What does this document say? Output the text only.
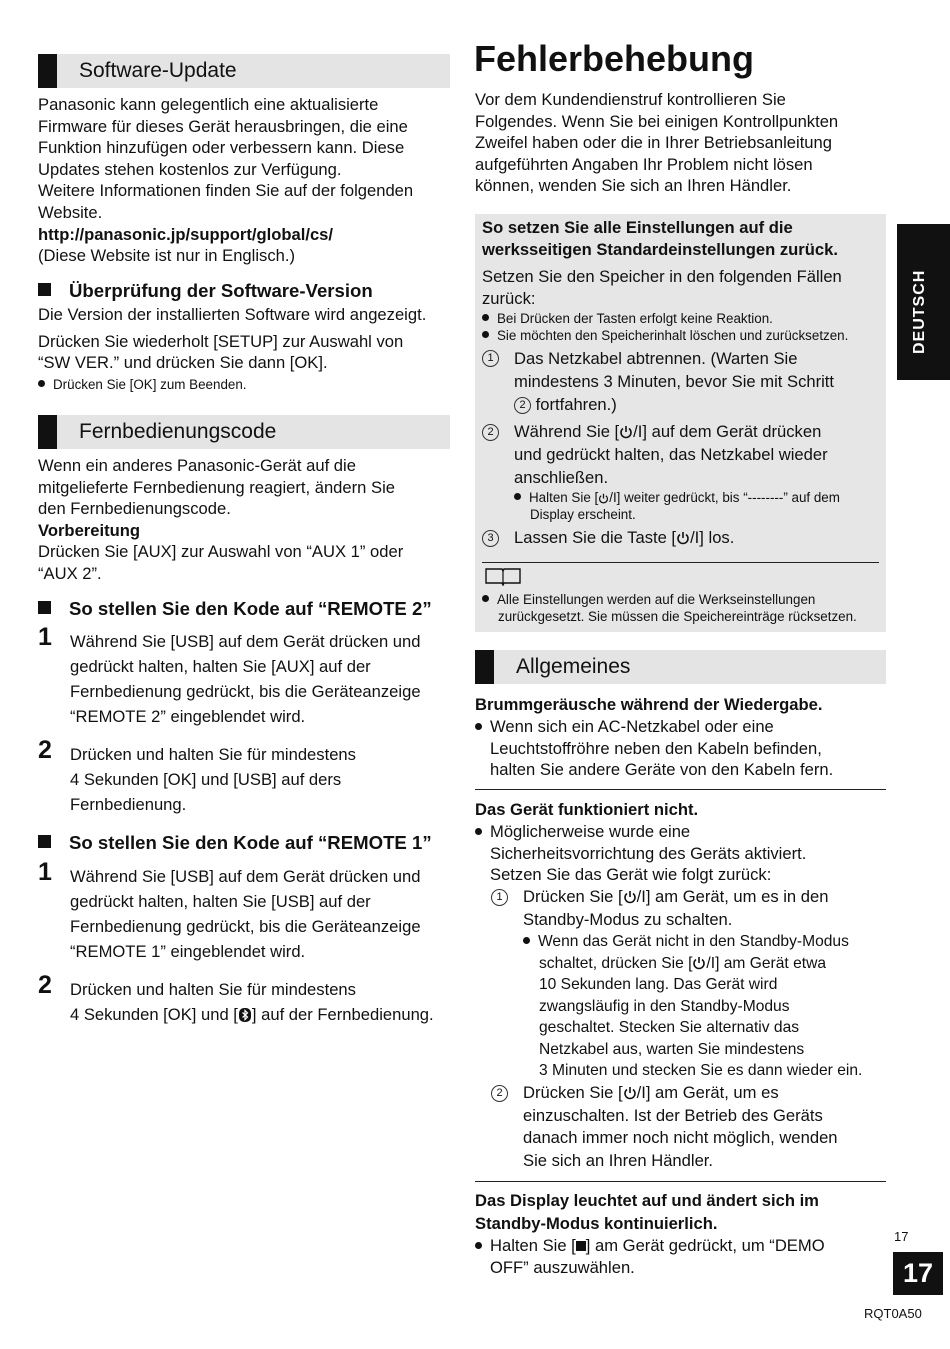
Software-Update
Panasonic kann gelegentlich eine aktualisierte
Firmware für dieses Gerät herausbringen, die eine
Funktion hinzufügen oder verbessern kann. Diese
Updates stehen kostenlos zur Verfügung.
Weitere Informationen finden Sie auf der folgenden
Website.
http://panasonic.jp/support/global/cs/
(Diese Website ist nur in Englisch.)
Überprüfung der Software-Version
Die Version der installierten Software wird angezeigt.
Drücken Sie wiederholt [SETUP] zur Auswahl von
“SW VER.” und drücken Sie dann [OK].
Drücken Sie [OK] zum Beenden.
Fernbedienungscode
Wenn ein anderes Panasonic-Gerät auf die
mitgelieferte Fernbedienung reagiert, ändern Sie
den Fernbedienungscode.
Vorbereitung
Drücken Sie [AUX] zur Auswahl von “AUX 1” oder
“AUX 2”.
So stellen Sie den Kode auf “REMOTE 2”
1 Während Sie [USB] auf dem Gerät drücken und
gedrückt halten, halten Sie [AUX] auf der
Fernbedienung gedrückt, bis die Geräteanzeige
“REMOTE 2” eingeblendet wird.
2 Drücken und halten Sie für mindestens
4 Sekunden [OK] und [USB] auf ders
Fernbedienung.
So stellen Sie den Kode auf “REMOTE 1”
1 Während Sie [USB] auf dem Gerät drücken und
gedrückt halten, halten Sie [USB] auf der
Fernbedienung gedrückt, bis die Geräteanzeige
“REMOTE 1” eingeblendet wird.
2 Drücken und halten Sie für mindestens
4 Sekunden [OK] und [ ] auf der Fernbedienung.
Fehlerbehebung
Vor dem Kundendienstruf kontrollieren Sie
Folgendes. Wenn Sie bei einigen Kontrollpunkten
Zweifel haben oder die in Ihrer Betriebsanleitung
aufgeführten Angaben Ihr Problem nicht lösen
können, wenden Sie sich an Ihren Händler.
So setzen Sie alle Einstellungen auf die
werksseitigen Standardeinstellungen zurück.
Setzen Sie den Speicher in den folgenden Fällen
zurück:
Bei Drücken der Tasten erfolgt keine Reaktion.
Sie möchten den Speicherinhalt löschen und zurücksetzen.
1	Das Netzkabel abtrennen. (Warten Sie
mindestens 3 Minuten, bevor Sie mit Schritt
2 fortfahren.)
2	Während Sie [ /I] auf dem Gerät drücken
und gedrückt halten, das Netzkabel wieder
anschließen.
Halten Sie [ /I] weiter gedrückt, bis “--------” auf dem
Display erscheint.
3	Lassen Sie die Taste [ /I] los.
Alle Einstellungen werden auf die Werkseinstellungen
zurückgesetzt. Sie müssen die Speichereinträge rücksetzen.
Allgemeines
Brummgeräusche während der Wiedergabe.
Wenn sich ein AC-Netzkabel oder eine
Leuchtstoffröhre neben den Kabeln befinden,
halten Sie andere Geräte von den Kabeln fern.
Das Gerät funktioniert nicht.
Möglicherweise wurde eine
Sicherheitsvorrichtung des Geräts aktiviert.
Setzen Sie das Gerät wie folgt zurück:
1	Drücken Sie [ /I] am Gerät, um es in den
Standby-Modus zu schalten.
Wenn das Gerät nicht in den Standby-Modus
schaltet, drücken Sie [ /I] am Gerät etwa
10 Sekunden lang. Das Gerät wird
zwangsläufig in den Standby-Modus
geschaltet. Stecken Sie alternativ das
Netzkabel aus, warten Sie mindestens
3 Minuten und stecken Sie es dann wieder ein.
2	Drücken Sie [ /I] am Gerät, um es
einzuschalten. Ist der Betrieb des Geräts
danach immer noch nicht möglich, wenden
Sie sich an Ihren Händler.
Das Display leuchtet auf und ändert sich im
Standby-Modus kontinuierlich.
Halten Sie [ ] am Gerät gedrückt, um “DEMO
OFF” auszuwählen.
DEUTSCH
17
17
RQT0A50
